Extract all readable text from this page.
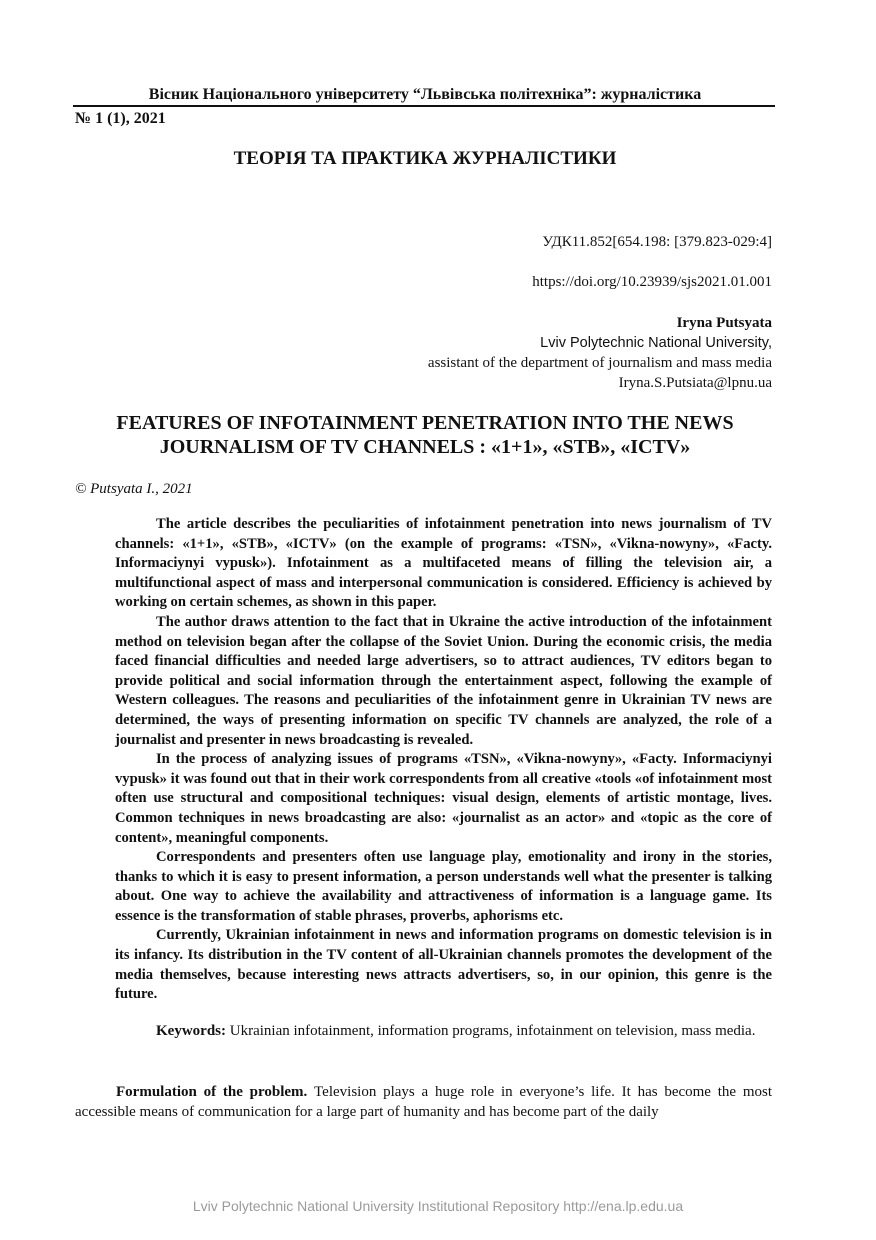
Вісник Національного університету “Львівська політехніка”: журналістика
№ 1 (1), 2021
ТЕОРІЯ ТА ПРАКТИКА ЖУРНАЛІСТИКИ
УДК11.852[654.198: [379.823-029:4]
https://doi.org/10.23939/sjs2021.01.001
Iryna Putsyata
Lviv Polytechnic National University,
assistant of the department of journalism and mass media
Iryna.S.Putsiata@lpnu.ua
FEATURES OF INFOTAINMENT PENETRATION INTO THE NEWS
JOURNALISM OF TV CHANNELS : «1+1», «STB», «ICTV»
© Putsyata I., 2021

The article describes the peculiarities of infotainment penetration into news journalism of TV channels: «1+1», «STB», «ICTV» (on the example of programs: «TSN», «Vikna-nowyny», «Facty. Informaciynyi vypusk»). Infotainment as a multifaceted means of filling the television air, a multifunctional aspect of mass and interpersonal communication is considered. Efficiency is achieved by working on certain schemes, as shown in this paper.

The author draws attention to the fact that in Ukraine the active introduction of the infotainment method on television began after the collapse of the Soviet Union. During the economic crisis, the media faced financial difficulties and needed large advertisers, so to attract audiences, TV editors began to provide political and social information through the entertainment aspect, following the example of Western colleagues. The reasons and peculiarities of the infotainment genre in Ukrainian TV news are determined, the ways of presenting information on specific TV channels are analyzed, the role of a journalist and presenter in news broadcasting is revealed.

In the process of analyzing issues of programs «TSN», «Vikna-nowyny», «Facty. Informaciynyi vypusk» it was found out that in their work correspondents from all creative «tools «of infotainment most often use structural and compositional techniques: visual design, elements of artistic montage, lives. Common techniques in news broadcasting are also: «journalist as an actor» and «topic as the core of content», meaningful components.

Correspondents and presenters often use language play, emotionality and irony in the stories, thanks to which it is easy to present information, a person understands well what the presenter is talking about. One way to achieve the availability and attractiveness of information is a language game. Its essence is the transformation of stable phrases, proverbs, aphorisms etc.

Currently, Ukrainian infotainment in news and information programs on domestic television is in its infancy. Its distribution in the TV content of all-Ukrainian channels promotes the development of the media themselves, because interesting news attracts advertisers, so, in our opinion, this genre is the future.

Keywords: Ukrainian infotainment, information programs, infotainment on television, mass media.
Formulation of the problem. Television plays a huge role in everyone’s life. It has become the most accessible means of communication for a large part of humanity and has become part of the daily
Lviv Polytechnic National University Institutional Repository http://ena.lp.edu.ua
